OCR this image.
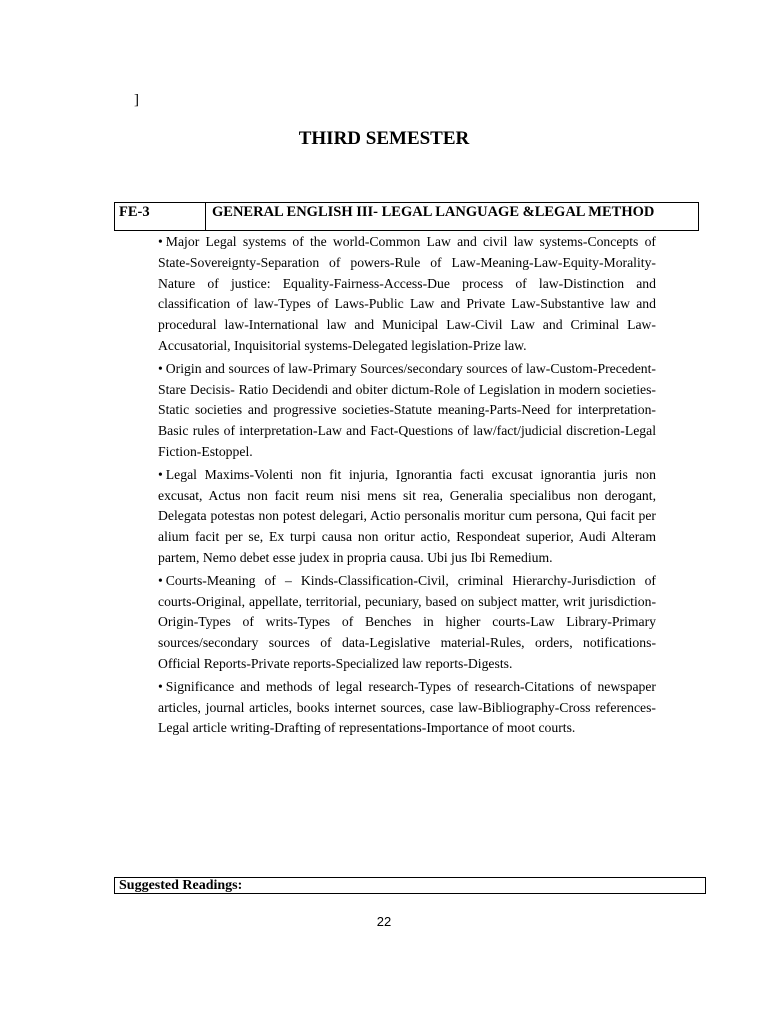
]
THIRD SEMESTER
FE-3	GENERAL ENGLISH III- LEGAL LANGUAGE &LEGAL METHOD

• Major Legal systems of the world-Common Law and civil law systems-Concepts of State-Sovereignty-Separation of powers-Rule of Law-Meaning-Law-Equity-Morality-Nature of justice: Equality-Fairness-Access-Due process of law-Distinction and classification of law-Types of Laws-Public Law and Private Law-Substantive law and procedural law-International law and Municipal Law-Civil Law and Criminal Law-Accusatorial, Inquisitorial systems-Delegated legislation-Prize law.

• Origin and sources of law-Primary Sources/secondary sources of law-Custom-Precedent-Stare Decisis- Ratio Decidendi and obiter dictum-Role of Legislation in modern societies-Static societies and progressive societies-Statute meaning-Parts-Need for interpretation-Basic rules of interpretation-Law and Fact-Questions of law/fact/judicial discretion-Legal Fiction-Estoppel.

• Legal Maxims-Volenti non fit injuria, Ignorantia facti excusat ignorantia juris non excusat, Actus non facit reum nisi mens sit rea, Generalia specialibus non derogant, Delegata potestas non potest delegari, Actio personalis moritur cum persona, Qui facit per alium facit per se, Ex turpi causa non oritur actio, Respondeat superior, Audi Alteram partem, Nemo debet esse judex in propria causa. Ubi jus Ibi Remedium.

• Courts-Meaning of – Kinds-Classification-Civil, criminal Hierarchy-Jurisdiction of courts-Original, appellate, territorial, pecuniary, based on subject matter, writ jurisdiction-Origin-Types of writs-Types of Benches in higher courts-Law Library-Primary sources/secondary sources of data-Legislative material-Rules, orders, notifications-Official Reports-Private reports-Specialized law reports-Digests.

• Significance and methods of legal research-Types of research-Citations of newspaper articles, journal articles, books internet sources, case law-Bibliography-Cross references-Legal article writing-Drafting of representations-Importance of moot courts.

Suggested Readings:
22
